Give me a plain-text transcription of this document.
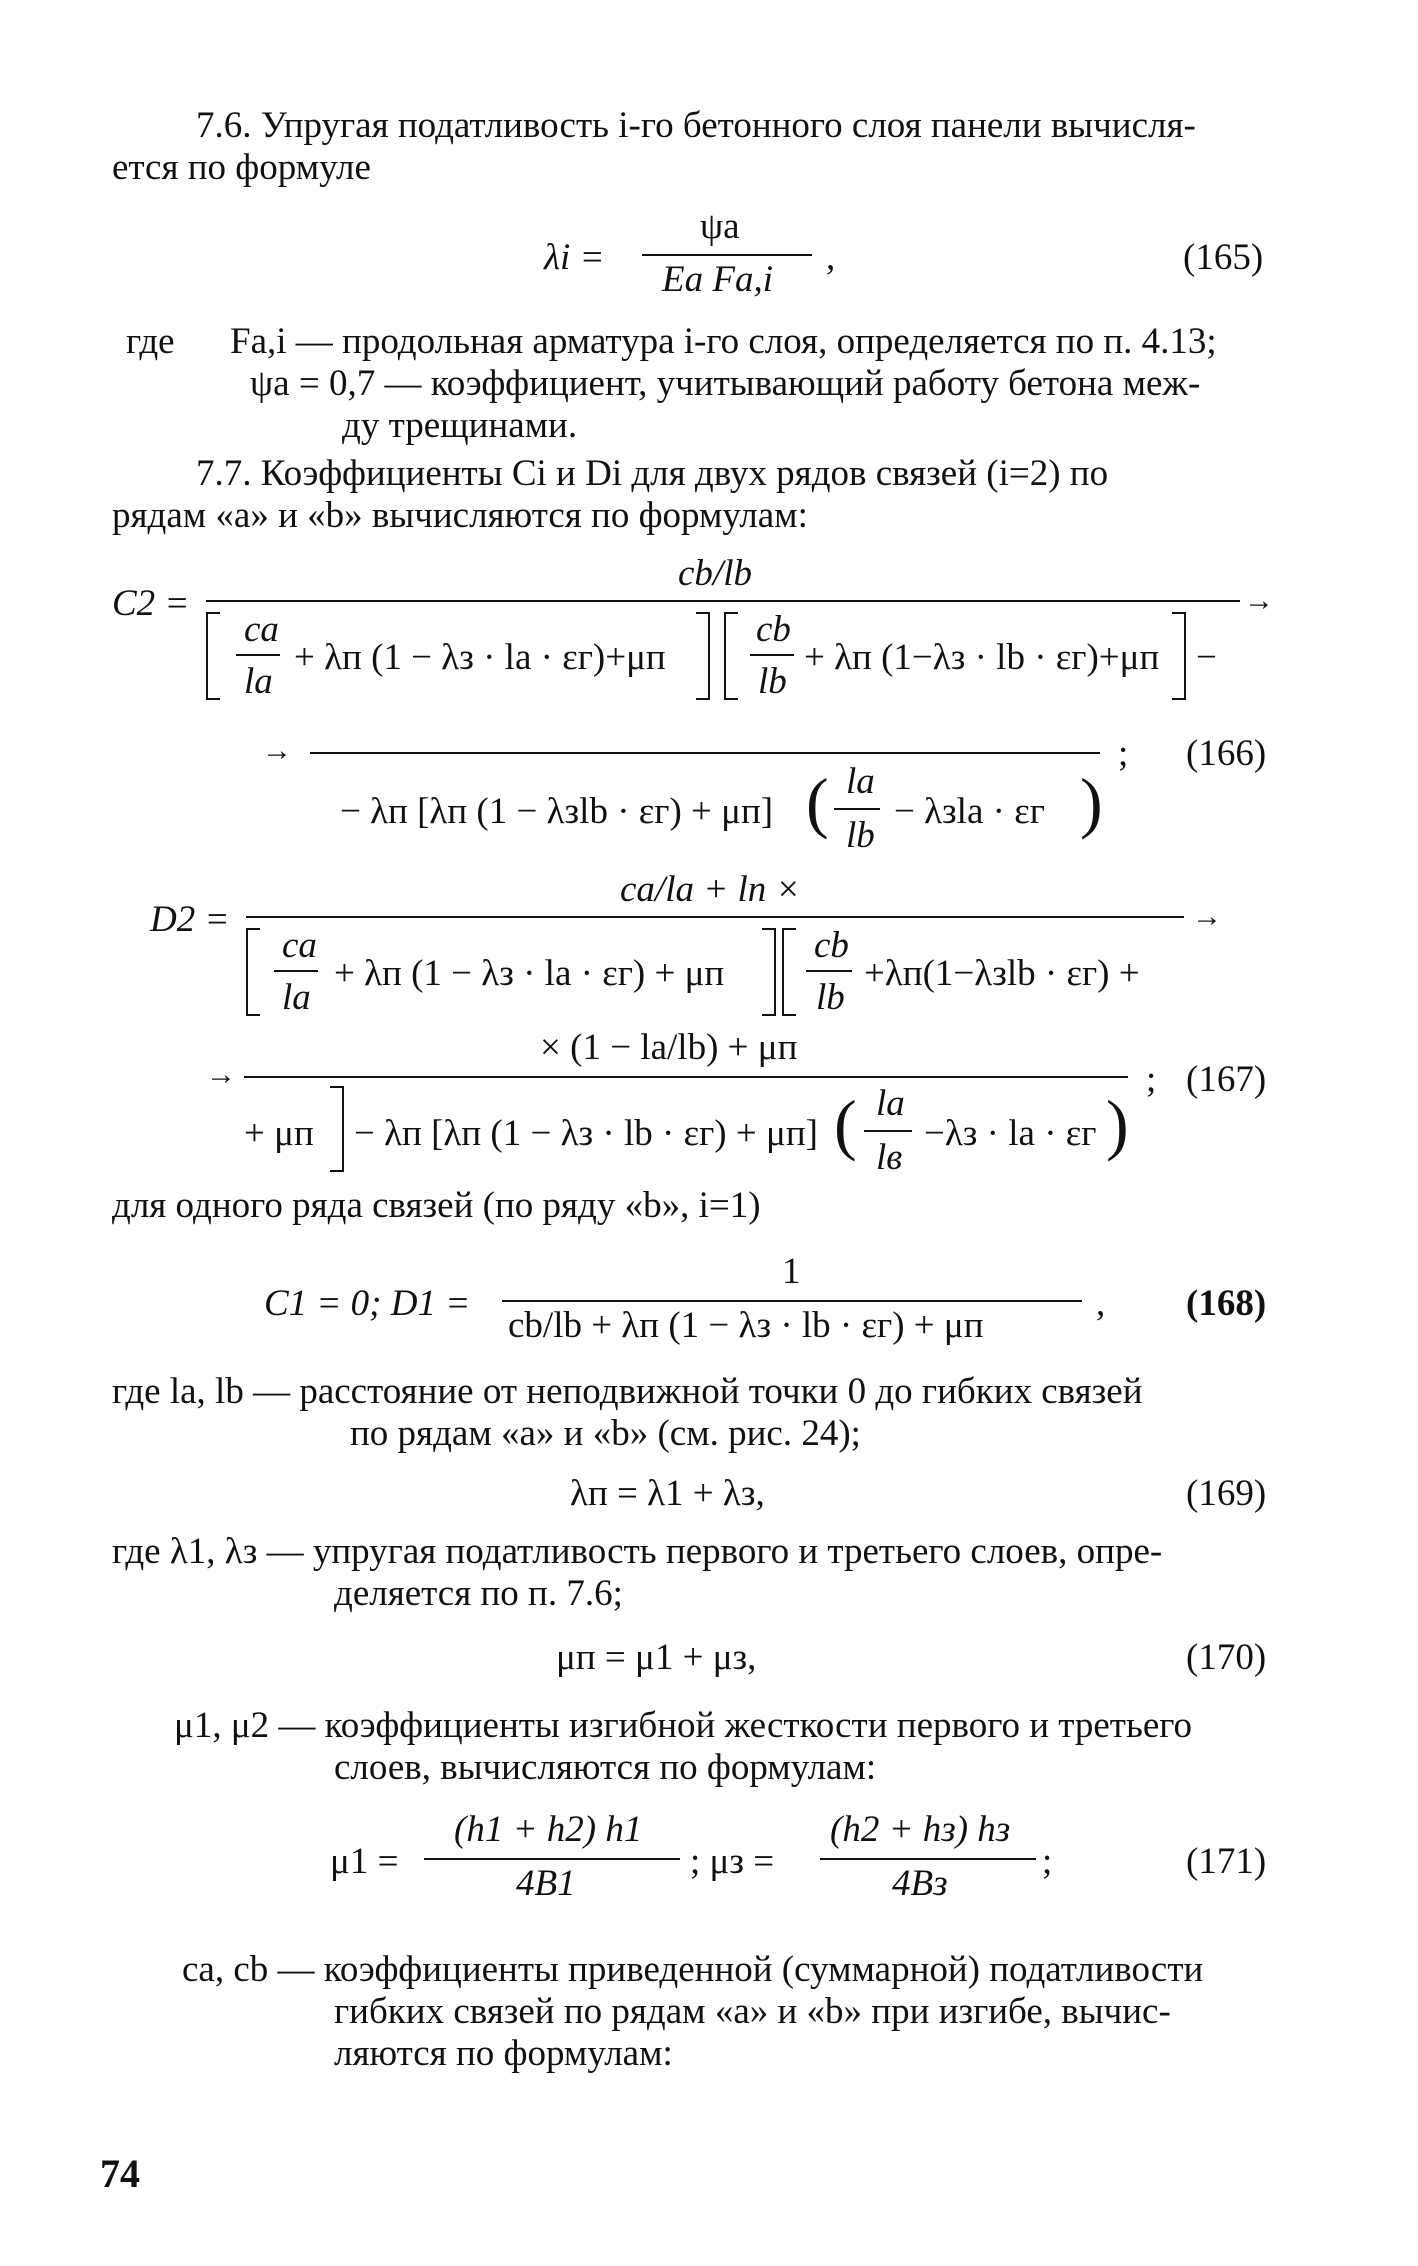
7.6. Упругая податливость i-го бетонного слоя панели вычисля-
ется по формуле
λi =
ψa
Ea Fa,i
,	(165)
где Fa,i — продольная арматура i-го слоя, определяется по п. 4.13;
ψa = 0,7 — коэффициент, учитывающий работу бетона меж-
ду трещинами.
7.7. Коэффициенты Ci и Di для двух рядов связей (i=2) по
рядам «a» и «b» вычисляются по формулам:
C2 =
cb/lb
→
ca
la
+ λп (1 − λз · la · εг)+μп
cb
lb
+ λп (1−λз · lb · εг)+μп −
→	; (166)
− λп [λп (1 − λзlb · εг) + μп] ( la
lb
− λзla · εг )
D2 =
ca/la + lп ×
→
ca
la
+ λп (1 − λз · la · εг) + μп
cb
lb
+λп(1−λзlb · εг) +
× (1 − la/lb) + μп
→	; (167)
+ μп − λп [λп (1 − λз · lb · εг) + μп] ( la
lв
−λз · la · εг )
для одного ряда связей (по ряду «b», i=1)
C1 = 0; D1 =
1
cb/lb + λп (1 − λз · lb · εг) + μп
, (168)
где la, lb — расстояние от неподвижной точки 0 до гибких связей
по рядам «a» и «b» (см. рис. 24);
λп = λ1 + λз,	(169)
где λ1, λз — упругая податливость первого и третьего слоев, опре-
деляется по п. 7.6;
μп = μ1 + μз,	(170)
μ1, μ2 — коэффициенты изгибной жесткости первого и третьего
слоев, вычисляются по формулам:
μ1 =
(h1 + h2) h1
4B1
; μз =
(h2 + hз) hз
4Bз
;	(171)
ca, cb — коэффициенты приведенной (суммарной) податливости
гибких связей по рядам «a» и «b» при изгибе, вычис-
ляются по формулам:
74
